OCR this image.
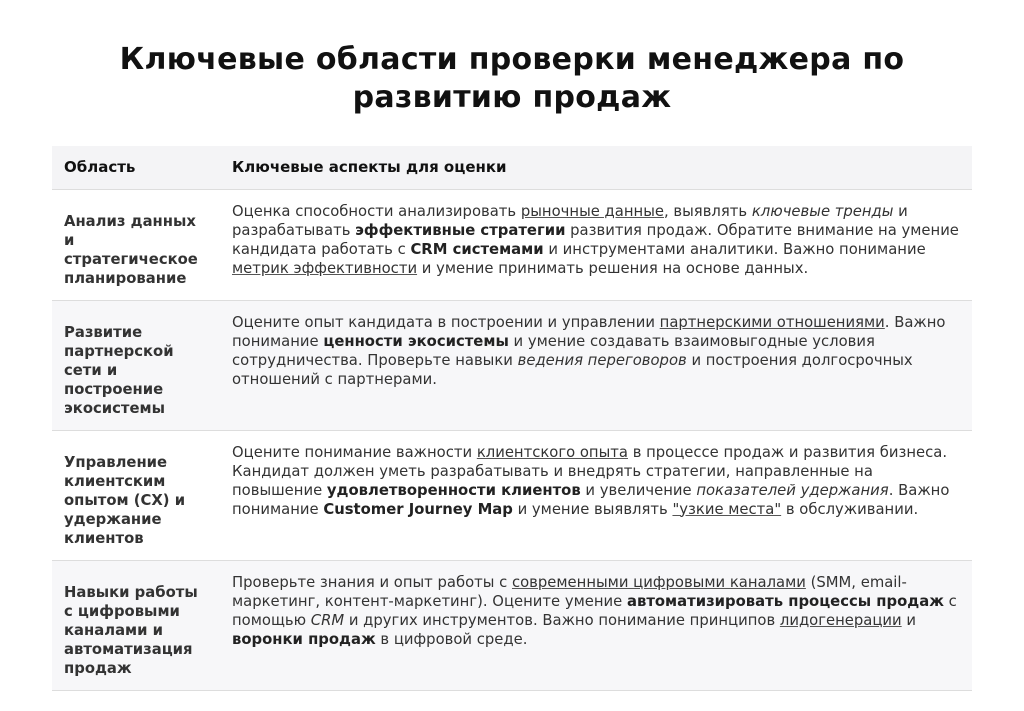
Ключевые области проверки менеджера по
развитию продаж
Область	Ключевые аспекты для оценки
Анализ данных и стратегическое планирование	Оценка способности анализировать рыночные данные, выявлять ключевые тренды и разрабатывать эффективные стратегии развития продаж. Обратите внимание на умение кандидата работать с CRM системами и инструментами аналитики. Важно понимание метрик эффективности и умение принимать решения на основе данных.
Развитие партнерской сети и построение экосистемы	Оцените опыт кандидата в построении и управлении партнерскими отношениями. Важно понимание ценности экосистемы и умение создавать взаимовыгодные условия сотрудничества. Проверьте навыки ведения переговоров и построения долгосрочных отношений с партнерами.
Управление клиентским опытом (CX) и удержание клиентов	Оцените понимание важности клиентского опыта в процессе продаж и развития бизнеса. Кандидат должен уметь разрабатывать и внедрять стратегии, направленные на повышение удовлетворенности клиентов и увеличение показателей удержания. Важно понимание Customer Journey Map и умение выявлять "узкие места" в обслуживании.
Навыки работы с цифровыми каналами и автоматизация продаж	Проверьте знания и опыт работы с современными цифровыми каналами (SMM, email-маркетинг, контент-маркетинг). Оцените умение автоматизировать процессы продаж с помощью CRM и других инструментов. Важно понимание принципов лидогенерации и воронки продаж в цифровой среде.
